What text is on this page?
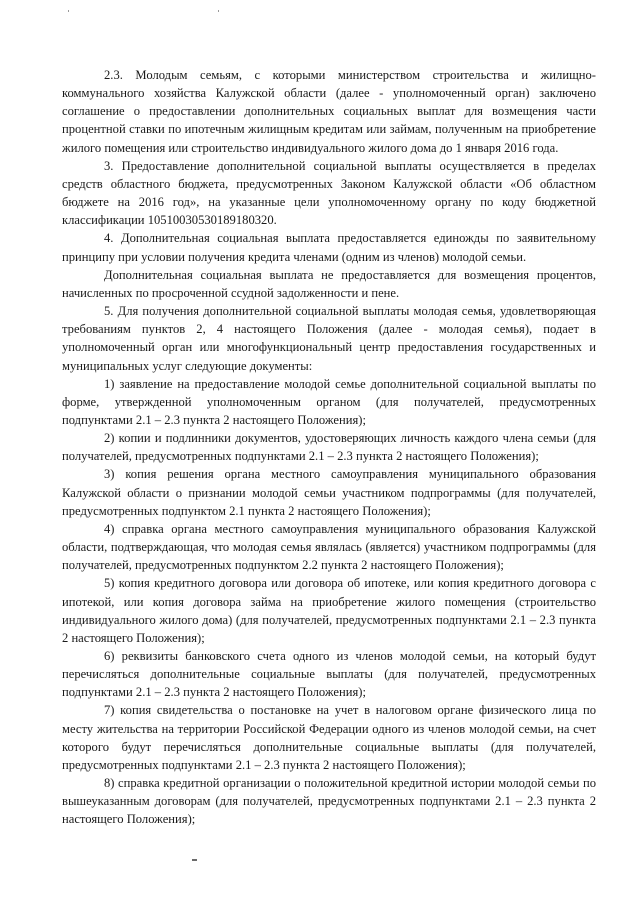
2.3. Молодым семьям, с которыми министерством строительства и жилищно-коммунального хозяйства Калужской области (далее - уполномоченный орган) заключено соглашение о предоставлении дополнительных социальных выплат для возмещения части процентной ставки по ипотечным жилищным кредитам или займам, полученным на приобретение жилого помещения или строительство индивидуального жилого дома до 1 января 2016 года.

3. Предоставление дополнительной социальной выплаты осуществляется в пределах средств областного бюджета, предусмотренных Законом Калужской области «Об областном бюджете на 2016 год», на указанные цели уполномоченному органу по коду бюджетной классификации 10510030530189180320.

4. Дополнительная социальная выплата предоставляется единожды по заявительному принципу при условии получения кредита членами (одним из членов) молодой семьи.

Дополнительная социальная выплата не предоставляется для возмещения процентов, начисленных по просроченной ссудной задолженности и пене.

5. Для получения дополнительной социальной выплаты молодая семья, удовлетворяющая требованиям пунктов 2, 4 настоящего Положения (далее - молодая семья), подает в уполномоченный орган или многофункциональный центр предоставления государственных и муниципальных услуг следующие документы:

1) заявление на предоставление молодой семье дополнительной социальной выплаты по форме, утвержденной уполномоченным органом (для получателей, предусмотренных подпунктами 2.1 – 2.3 пункта 2 настоящего Положения);

2) копии и подлинники документов, удостоверяющих личность каждого члена семьи (для получателей, предусмотренных подпунктами 2.1 – 2.3 пункта 2 настоящего Положения);

3) копия решения органа местного самоуправления муниципального образования Калужской области о признании молодой семьи участником подпрограммы (для получателей, предусмотренных подпунктом 2.1 пункта 2 настоящего Положения);

4) справка органа местного самоуправления муниципального образования Калужской области, подтверждающая, что молодая семья являлась (является) участником подпрограммы (для получателей, предусмотренных подпунктом 2.2 пункта 2 настоящего Положения);

5) копия кредитного договора или договора об ипотеке, или копия кредитного договора с ипотекой, или копия договора займа на приобретение жилого помещения (строительство индивидуального жилого дома) (для получателей, предусмотренных подпунктами 2.1 – 2.3 пункта 2 настоящего Положения);

6) реквизиты банковского счета одного из членов молодой семьи, на который будут перечисляться дополнительные социальные выплаты (для получателей, предусмотренных подпунктами 2.1 – 2.3 пункта 2 настоящего Положения);

7) копия свидетельства о постановке на учет в налоговом органе физического лица по месту жительства на территории Российской Федерации одного из членов молодой семьи, на счет которого будут перечисляться дополнительные социальные выплаты (для получателей, предусмотренных подпунктами 2.1 – 2.3 пункта 2 настоящего Положения);

8) справка кредитной организации о положительной кредитной истории молодой семьи по вышеуказанным договорам (для получателей, предусмотренных подпунктами 2.1 – 2.3 пункта 2 настоящего Положения);
